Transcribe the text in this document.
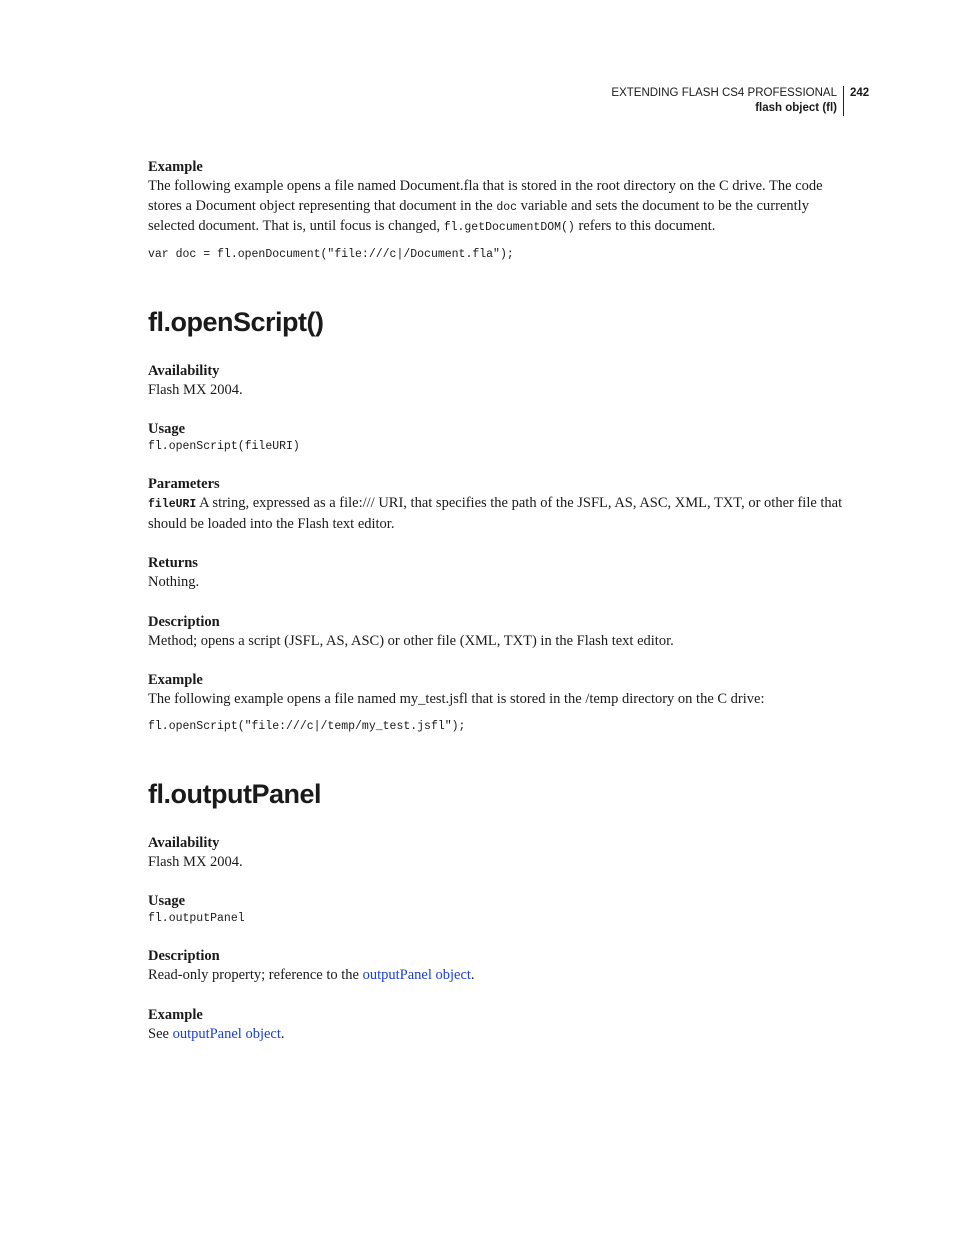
EXTENDING FLASH CS4 PROFESSIONAL
flash object (fl)
242
Example

The following example opens a file named Document.fla that is stored in the root directory on the C drive. The code stores a Document object representing that document in the doc variable and sets the document to be the currently selected document. That is, until focus is changed, fl.getDocumentDOM() refers to this document.

var doc = fl.openDocument("file:///c|/Document.fla");
fl.openScript()
Availability

Flash MX 2004.

Usage
fl.openScript(fileURI)
Parameters

fileURI A string, expressed as a file:/// URI, that specifies the path of the JSFL, AS, ASC, XML, TXT, or other file that should be loaded into the Flash text editor.

Returns

Nothing.

Description

Method; opens a script (JSFL, AS, ASC) or other file (XML, TXT) in the Flash text editor.

Example

The following example opens a file named my_test.jsfl that is stored in the /temp directory on the C drive:

fl.openScript("file:///c|/temp/my_test.jsfl");
fl.outputPanel
Availability

Flash MX 2004.

Usage
fl.outputPanel
Description

Read-only property; reference to the outputPanel object.

Example

See outputPanel object.
